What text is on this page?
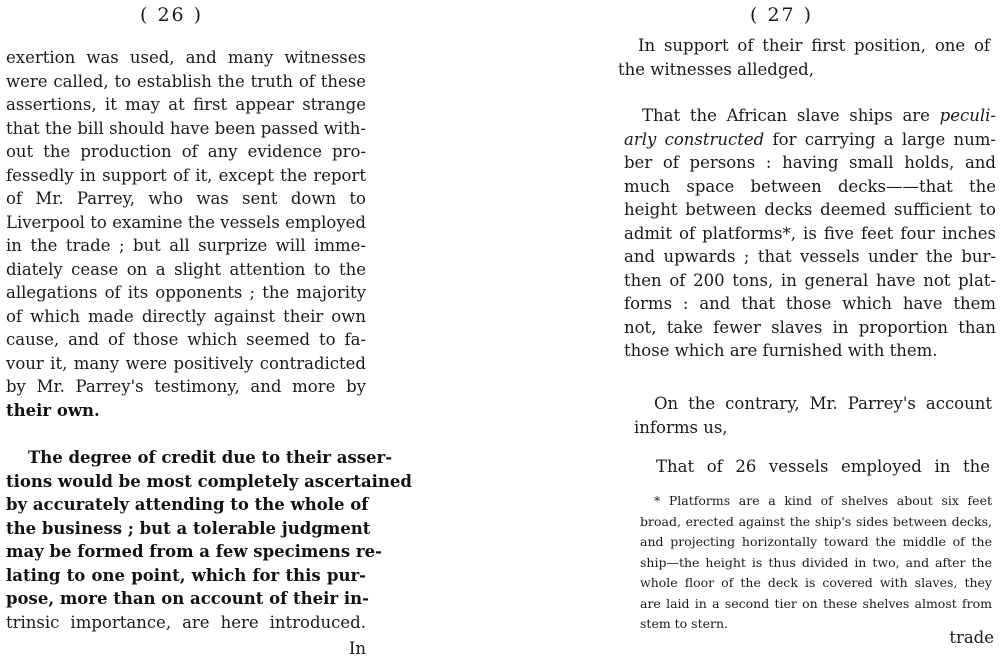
( 26 )
exertion was used, and many witnesses
were called, to establish the truth of these
assertions, it may at first appear strange
that the bill should have been passed with-
out the production of any evidence pro-
fessedly in support of it, except the report
of Mr. Parrey, who was sent down to
Liverpool to examine the vessels employed
in the trade ; but all surprize will imme-
diately cease on a slight attention to the
allegations of its opponents ; the majority
of which made directly against their own
cause, and of those which seemed to fa-
vour it, many were positively contradicted
by Mr. Parrey's testimony, and more by
their own.
The degree of credit due to their asser-
tions would be most completely ascertained
by accurately attending to the whole of
the business ; but a tolerable judgment
may be formed from a few specimens re-
lating to one point, which for this pur-
pose, more than on account of their in-
trinsic importance, are here introduced.
In
( 27 )
In support of their first position, one of
the witnesses alledged,
That the African slave ships are peculi-
arly constructed for carrying a large num-
ber of persons : having small holds, and
much space between decks——that the
height between decks deemed sufficient to
admit of platforms*, is five feet four inches
and upwards ; that vessels under the bur-
then of 200 tons, in general have not plat-
forms : and that those which have them
not, take fewer slaves in proportion than
those which are furnished with them.
On the contrary, Mr. Parrey's account
informs us,
That of 26 vessels employed in the
* Platforms are a kind of shelves about six feet
broad, erected against the ship's sides between decks,
and projecting horizontally toward the middle of the
ship—the height is thus divided in two, and after the
whole floor of the deck is covered with slaves, they
are laid in a second tier on these shelves almost from
stem to stern.
trade
